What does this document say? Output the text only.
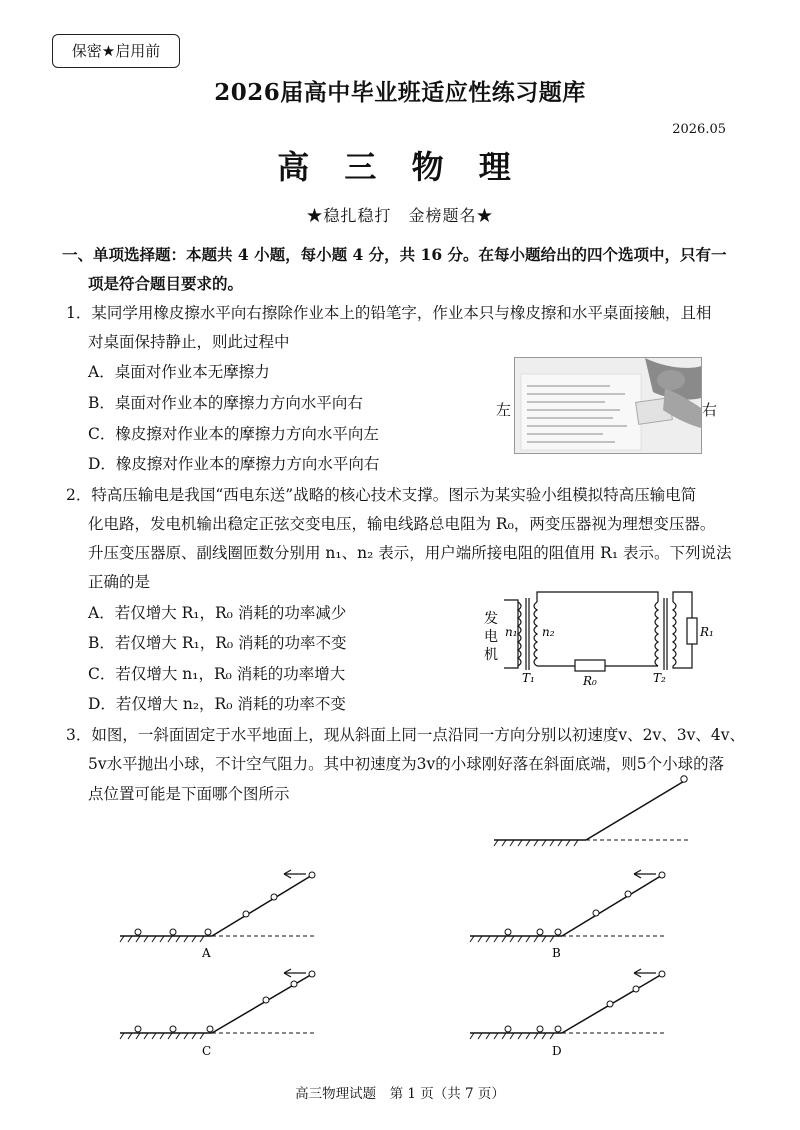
保密★启用前
2026届高中毕业班适应性练习题库
2026.05
高 三 物 理
★稳扎稳打　金榜题名★
一、单项选择题：本题共 4 小题，每小题 4 分，共 16 分。在每小题给出的四个选项中，只有一
项是符合题目要求的。
1．某同学用橡皮擦水平向右擦除作业本上的铅笔字，作业本只与橡皮擦和水平桌面接触，且相
对桌面保持静止，则此过程中
A．桌面对作业本无摩擦力
B．桌面对作业本的摩擦力方向水平向右
C．橡皮擦对作业本的摩擦力方向水平向左
D．橡皮擦对作业本的摩擦力方向水平向右
左	右
2．特高压输电是我国“西电东送”战略的核心技术支撑。图示为某实验小组模拟特高压输电简
化电路，发电机输出稳定正弦交变电压，输电线路总电阻为 R₀，两变压器视为理想变压器。
升压变压器原、副线圈匝数分别用 n₁、n₂ 表示，用户端所接电阻的阻值用 R₁ 表示。下列说法
正确的是
A．若仅增大 R₁，R₀ 消耗的功率减少
B．若仅增大 R₁，R₀ 消耗的功率不变
C．若仅增大 n₁，R₀ 消耗的功率增大
D．若仅增大 n₂，R₀ 消耗的功率不变
发
电
机
n₁ n₂
R₀
R₁
T₁	T₂
3．如图，一斜面固定于水平地面上，现从斜面上同一点沿同一方向分别以初速度v、2v、3v、4v、
5v水平抛出小球，不计空气阻力。其中初速度为3v的小球刚好落在斜面底端，则5个小球的落
点位置可能是下面哪个图所示
A	B
C	D
高三物理试题　第 1 页（共 7 页）
